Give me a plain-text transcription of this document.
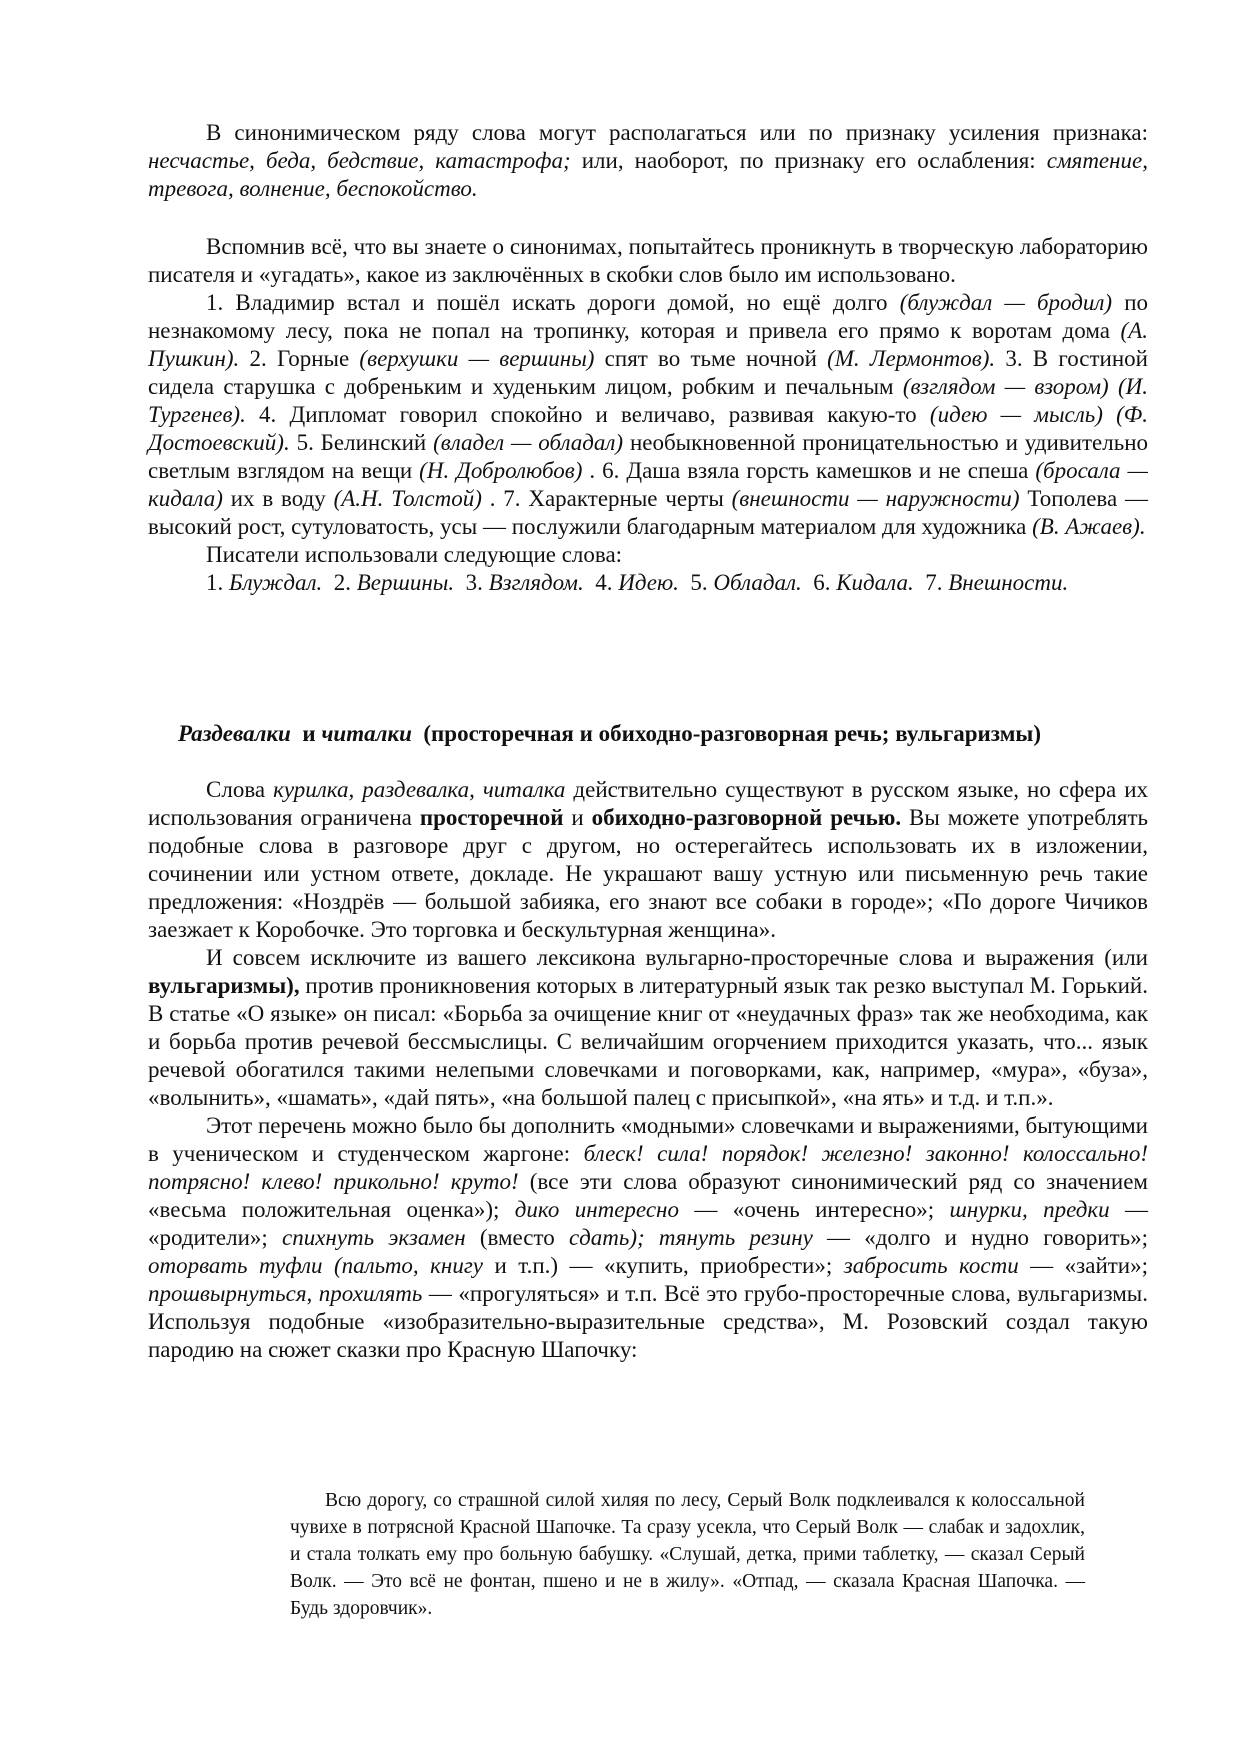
В синонимическом ряду слова могут располагаться или по признаку усиления признака: несчастье, беда, бедствие, катастрофа; или, наоборот, по признаку его ослабления: смятение, тревога, волнение, беспокойство.

Вспомнив всё, что вы знаете о синонимах, попытайтесь проникнуть в творческую лабораторию писателя и «угадать», какое из заключённых в скобки слов было им использовано.

1. Владимир встал и пошёл искать дороги домой, но ещё долго (блуждал — бродил) по незнакомому лесу, пока не попал на тропинку, которая и привела его прямо к воротам дома (А. Пушкин). 2. Горные (верхушки — вершины) спят во тьме ночной (М. Лермонтов). 3. В гостиной сидела старушка с добреньким и худеньким лицом, робким и печальным (взглядом — взором) (И. Тургенев). 4. Дипломат говорил спокойно и величаво, развивая какую-то (идею — мысль) (Ф. Достоевский). 5. Белинский (владел — обладал) необыкновенной проницательностью и удивительно светлым взглядом на вещи (Н. Добролюбов) . 6. Даша взяла горсть камешков и не спеша (бросала — кидала) их в воду (А.Н. Толстой) . 7. Характерные черты (внешности — наружности) Тополева — высокий рост, сутуловатость, усы — послужили благодарным материалом для художника (В. Ажаев).

Писатели использовали следующие слова:

1. Блуждал.  2. Вершины.  3. Взглядом.  4. Идею.  5. Обладал.  6. Кидала.  7. Внешности.

Раздевалки  и читалки  (просторечная и обиходно-разговорная речь; вульгаризмы)

Слова курилка, раздевалка, читалка действительно существуют в русском языке, но сфера их использования ограничена просторечной и обиходно-разговорной речью. Вы можете употреблять подобные слова в разговоре друг с другом, но остерегайтесь использовать их в изложении, сочинении или устном ответе, докладе. Не украшают вашу устную или письменную речь такие предложения: «Ноздрёв — большой забияка, его знают все собаки в городе»; «По дороге Чичиков заезжает к Коробочке. Это торговка и бескультурная женщина».

И совсем исключите из вашего лексикона вульгарно-просторечные слова и выражения (или вульгаризмы), против проникновения которых в литературный язык так резко выступал М. Горький. В статье «О языке» он писал: «Борьба за очищение книг от «неудачных фраз» так же необходима, как и борьба против речевой бессмыслицы. С величайшим огорчением приходится указать, что... язык речевой обогатился такими нелепыми словечками и поговорками, как, например, «мура», «буза», «волынить», «шамать», «дай пять», «на большой палец с присыпкой», «на ять» и т.д. и т.п.».

Этот перечень можно было бы дополнить «модными» словечками и выражениями, бытующими в ученическом и студенческом жаргоне: блеск! сила! порядок! железно! законно! колоссально! потрясно! клево! прикольно! круто! (все эти слова образуют синонимический ряд со значением «весьма положительная оценка»); дико интересно — «очень интересно»; шнурки, предки — «родители»; спихнуть экзамен (вместо сдать); тянуть резину — «долго и нудно говорить»; оторвать туфли (пальто, книгу и т.п.) — «купить, приобрести»; забросить кости — «зайти»; прошвырнуться, прохилять — «прогуляться» и т.п. Всё это грубо-просторечные слова, вульгаризмы. Используя подобные «изобразительно-выразительные средства», М. Розовский создал такую пародию на сюжет сказки про Красную Шапочку:

Всю дорогу, со страшной силой хиляя по лесу, Серый Волк подклеивался к колоссальной чувихе в потрясной Красной Шапочке. Та сразу усекла, что Серый Волк — слабак и задохлик, и стала толкать ему про больную бабушку. «Слушай, детка, прими таблетку, — сказал Серый Волк. — Это всё не фонтан, пшено и не в жилу». «Отпад, — сказала Красная Шапочка. — Будь здоровчик».
